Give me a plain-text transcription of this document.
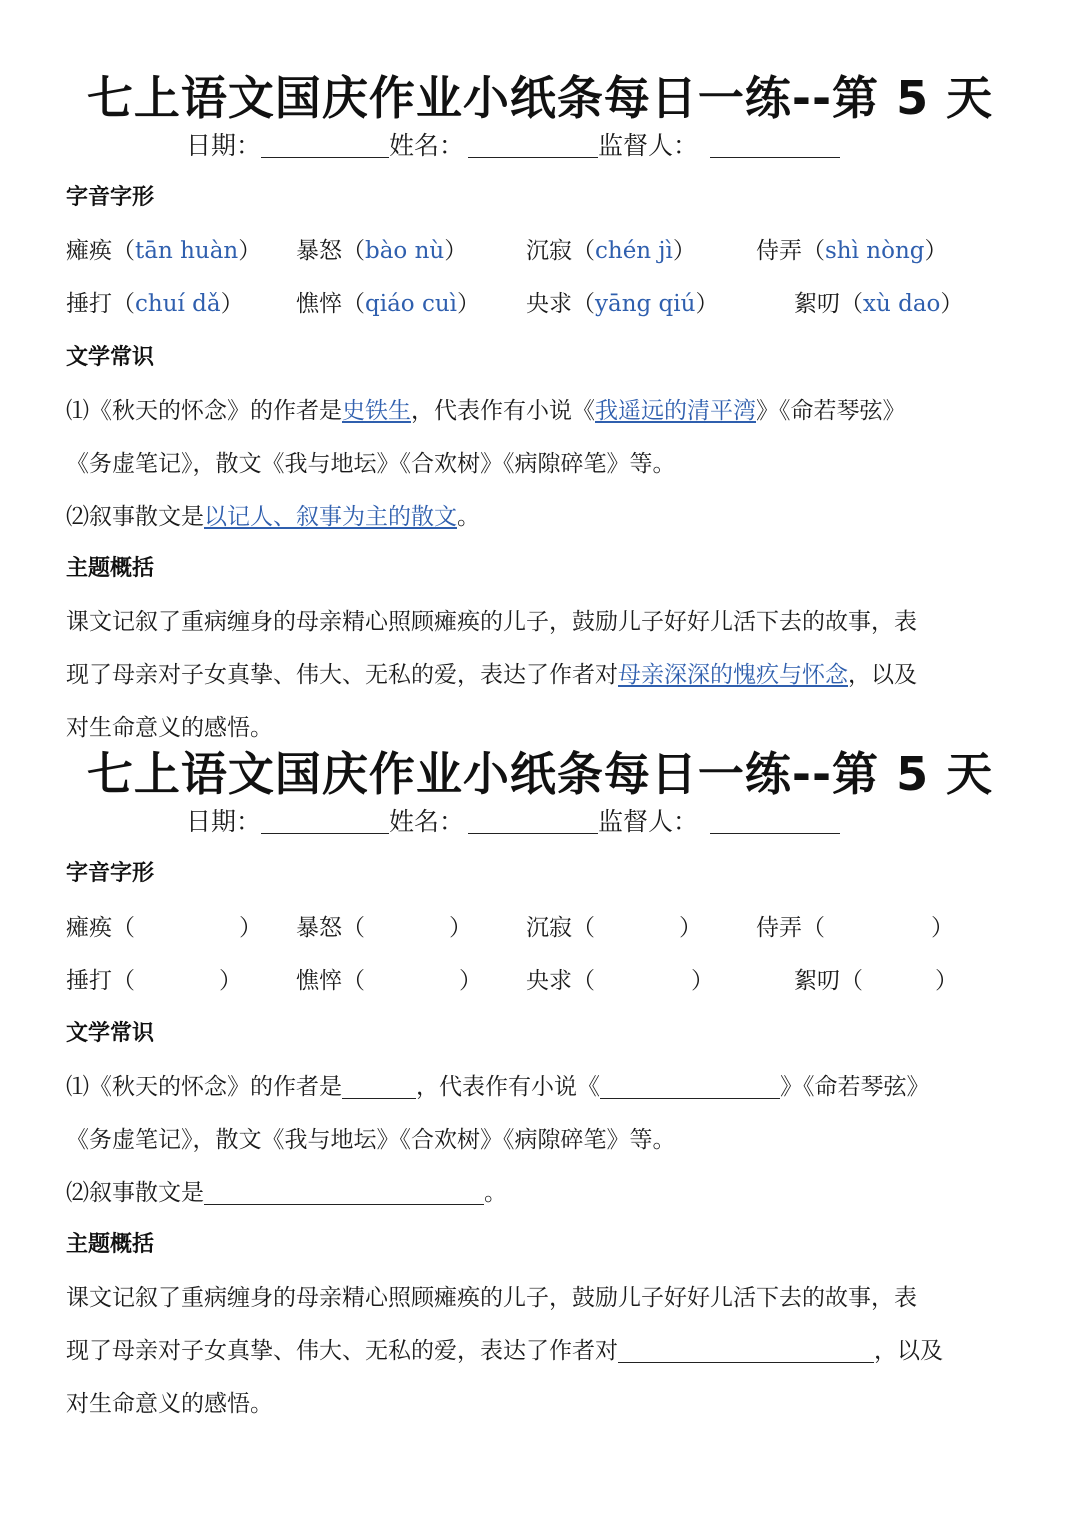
七上语文国庆作业小纸条每日一练--第 5 天
日期：	姓名：	监督人：
字音字形
瘫痪（tān huàn） 暴怒（bào nù）	沉寂（chén jì）	侍弄（shì nòng）
捶打（chuí dǎ） 憔悴（qiáo cuì） 央求（yāng qiú）	絮叨（xù dao）
文学常识
⑴《秋天的怀念》的作者是史铁生，代表作有小说《我遥远的清平湾》《命若琴弦》
《务虚笔记》，散文《我与地坛》《合欢树》《病隙碎笔》等。
⑵叙事散文是以记人、叙事为主的散文。
主题概括
课文记叙了重病缠身的母亲精心照顾瘫痪的儿子，鼓励儿子好好儿活下去的故事，表
现了母亲对子女真挚、伟大、无私的爱，表达了作者对母亲深深的愧疚与怀念，以及
对生命意义的感悟。
七上语文国庆作业小纸条每日一练--第 5 天
日期：	姓名：	监督人：
字音字形
瘫痪（	） 暴怒（	） 沉寂（	） 侍弄（	）
捶打（	） 憔悴（	） 央求（	）	絮叨（	）
文学常识
⑴《秋天的怀念》的作者是	，代表作有小说《	》《命若琴弦》
《务虚笔记》，散文《我与地坛》《合欢树》《病隙碎笔》等。
⑵叙事散文是	。
主题概括
课文记叙了重病缠身的母亲精心照顾瘫痪的儿子，鼓励儿子好好儿活下去的故事，表
现了母亲对子女真挚、伟大、无私的爱，表达了作者对	，以及
对生命意义的感悟。
